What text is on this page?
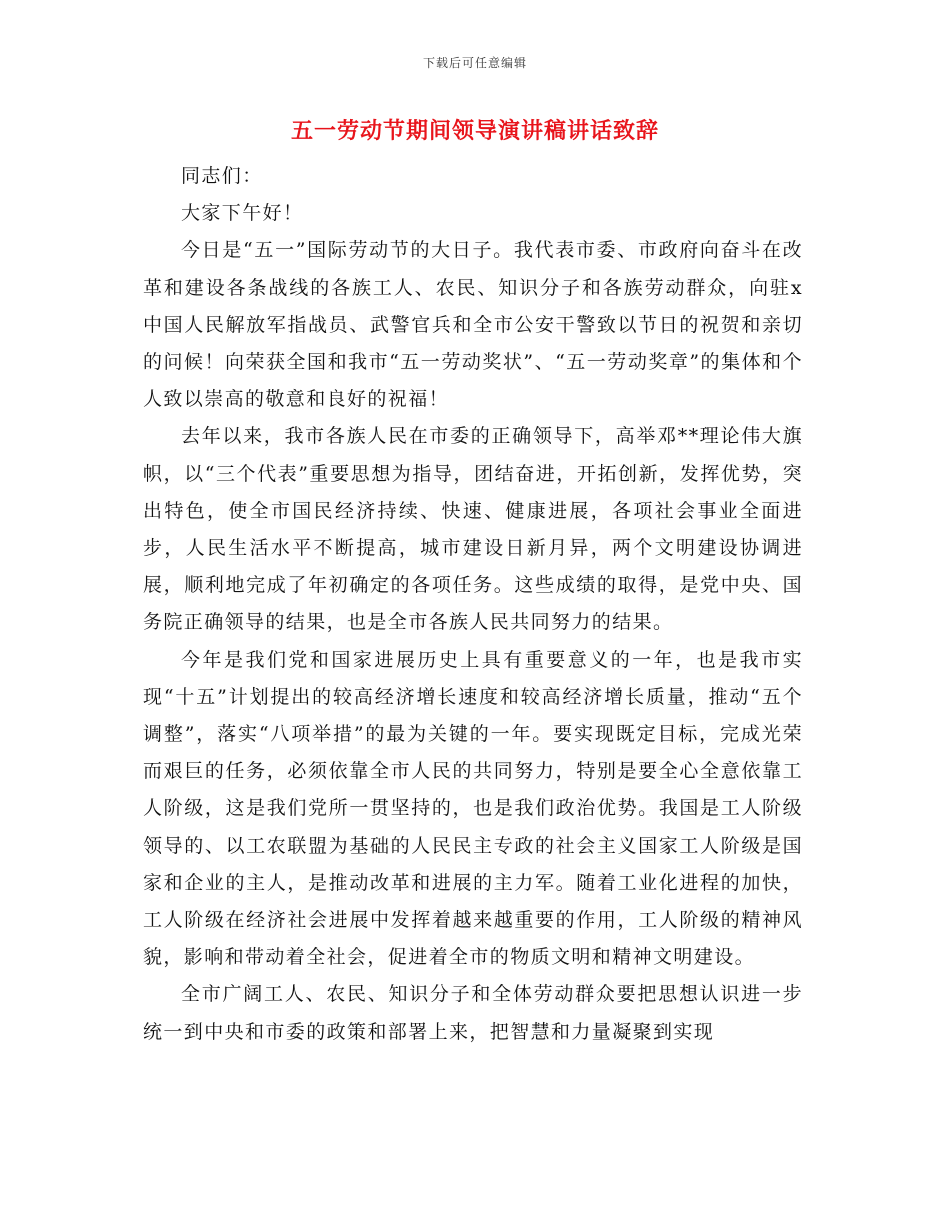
下载后可任意编辑
五一劳动节期间领导演讲稿讲话致辞

同志们：

大家下午好！

今日是“五一”国际劳动节的大日子。我代表市委、市政府向奋斗在改革和建设各条战线的各族工人、农民、知识分子和各族劳动群众，向驻x中国人民解放军指战员、武警官兵和全市公安干警致以节日的祝贺和亲切的问候！向荣获全国和我市“五一劳动奖状”、“五一劳动奖章”的集体和个人致以崇高的敬意和良好的祝福！

去年以来，我市各族人民在市委的正确领导下，高举邓**理论伟大旗帜，以“三个代表”重要思想为指导，团结奋进，开拓创新，发挥优势，突出特色，使全市国民经济持续、快速、健康进展，各项社会事业全面进步，人民生活水平不断提高，城市建设日新月异，两个文明建设协调进展，顺利地完成了年初确定的各项任务。这些成绩的取得，是党中央、国务院正确领导的结果，也是全市各族人民共同努力的结果。

今年是我们党和国家进展历史上具有重要意义的一年，也是我市实现“十五”计划提出的较高经济增长速度和较高经济增长质量，推动“五个调整”，落实“八项举措”的最为关键的一年。要实现既定目标，完成光荣而艰巨的任务，必须依靠全市人民的共同努力，特别是要全心全意依靠工人阶级，这是我们党所一贯坚持的，也是我们政治优势。我国是工人阶级领导的、以工农联盟为基础的人民民主专政的社会主义国家工人阶级是国家和企业的主人，是推动改革和进展的主力军。随着工业化进程的加快，工人阶级在经济社会进展中发挥着越来越重要的作用，工人阶级的精神风貌，影响和带动着全社会，促进着全市的物质文明和精神文明建设。

全市广阔工人、农民、知识分子和全体劳动群众要把思想认识进一步统一到中央和市委的政策和部署上来，把智慧和力量凝聚到实现
